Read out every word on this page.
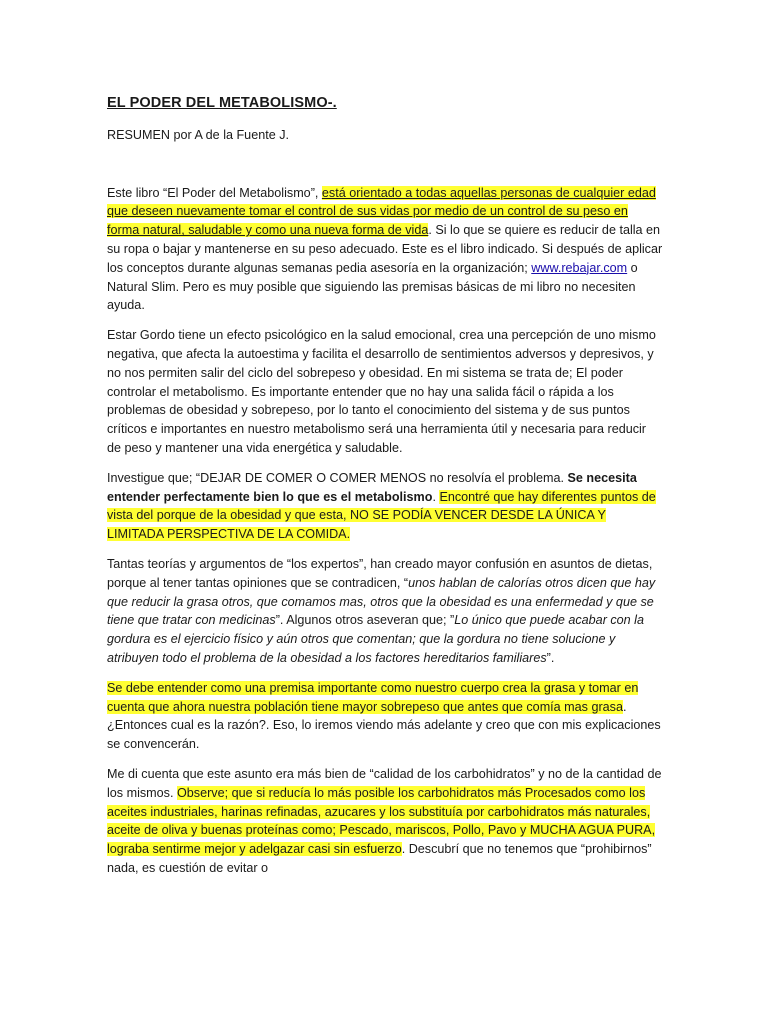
EL PODER DEL METABOLISMO-.
RESUMEN por A de la Fuente J.

Este libro “El Poder del Metabolismo”, está orientado a todas aquellas personas de cualquier edad que deseen nuevamente tomar el control de sus vidas por medio de un control de su peso en forma natural, saludable y como una nueva forma de vida. Si lo que se quiere es reducir de talla en su ropa o bajar y mantenerse en su peso adecuado. Este es el libro indicado. Si después de aplicar los conceptos durante algunas semanas pedia asesoría en la organización; www.rebajar.com o Natural Slim. Pero es muy posible que siguiendo las premisas básicas de mi libro no necesiten ayuda.

Estar Gordo tiene un efecto psicológico en la salud emocional, crea una percepción de uno mismo negativa, que afecta la autoestima y facilita el desarrollo de sentimientos adversos y depresivos, y no nos permiten salir del ciclo del sobrepeso y obesidad. En mi sistema se trata de; El poder controlar el metabolismo. Es importante entender que no hay una salida fácil o rápida a los problemas de obesidad y sobrepeso, por lo tanto el conocimiento del sistema y de sus puntos críticos e importantes en nuestro metabolismo será una herramienta útil y necesaria para reducir de peso y mantener una vida energética y saludable.

Investigue que; “DEJAR DE COMER O COMER MENOS no resolvía el problema. Se necesita entender perfectamente bien lo que es el metabolismo. Encontré que hay diferentes puntos de vista del porque de la obesidad y que esta, NO SE PODÍA VENCER DESDE LA ÚNICA Y LIMITADA PERSPECTIVA DE LA COMIDA.

Tantas teorías y argumentos de “los expertos”, han creado mayor confusión en asuntos de dietas, porque al tener tantas opiniones que se contradicen, “unos hablan de calorías otros dicen que hay que reducir la grasa otros, que comamos mas, otros que la obesidad es una enfermedad y que se tiene que tratar con medicinas”. Algunos otros aseveran que; ”Lo único que puede acabar con la gordura es el ejercicio físico y aún otros que comentan; que la gordura no tiene solucione y atribuyen todo el problema de la obesidad a los factores hereditarios familiares”.

Se debe entender como una premisa importante como nuestro cuerpo crea la grasa y tomar en cuenta que ahora nuestra población tiene mayor sobrepeso que antes que comía mas grasa. ¿Entonces cual es la razón?. Eso, lo iremos viendo más adelante y creo que con mis explicaciones se convencerán.

Me di cuenta que este asunto era más bien de “calidad de los carbohidratos” y no de la cantidad de los mismos. Observe; que si reducía lo más posible los carbohidratos más Procesados como los aceites industriales, harinas refinadas, azucares y los substituía por carbohidratos más naturales, aceite de oliva y buenas proteínas como; Pescado, mariscos, Pollo, Pavo y MUCHA AGUA PURA, lograba sentirme mejor y adelgazar casi sin esfuerzo. Descubrí que no tenemos que “prohibirnos” nada, es cuestión de evitar o
